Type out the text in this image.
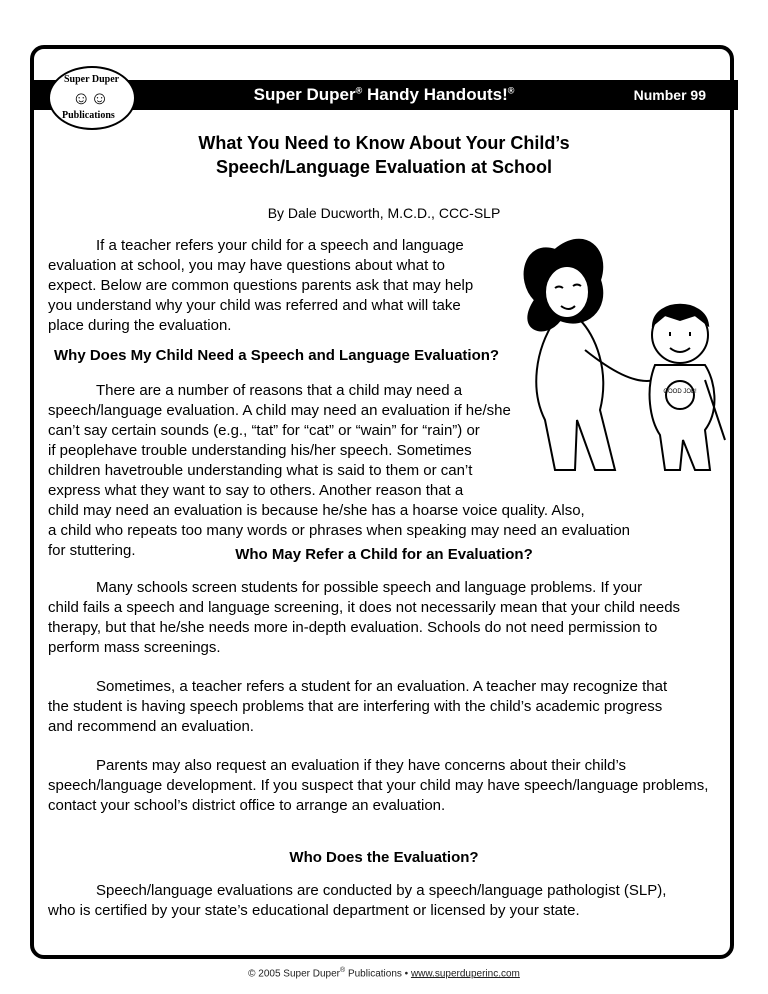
Super Duper® Handy Handouts!®	Number 99
Super Duper
☺☺
Publications
What You Need to Know About Your Child’s
Speech/Language Evaluation at School
By Dale Ducworth, M.C.D., CCC-SLP
If a teacher refers your child for a speech and language
evaluation at school, you may have questions about what to
expect. Below are common questions parents ask that may help
you understand why your child was referred and what will take
place during the evaluation.
Why Does My Child Need a Speech and Language Evaluation?
There are a number of reasons that a child may need a
speech/language evaluation. A child may need an evaluation if he/she
can’t say certain sounds (e.g., “tat” for “cat” or “wain” for “rain”) or
if peoplehave trouble understanding his/her speech. Sometimes
children havetrouble understanding what is said to them or can’t
express what they want to say to others. Another reason that a
child may need an evaluation is because he/she has a hoarse voice quality. Also,
a child who repeats too many words or phrases when speaking may need an evaluation
for stuttering.	Who May Refer a Child for an Evaluation?
Many schools screen students for possible speech and language problems. If your
child fails a speech and language screening, it does not necessarily mean that your child needs
therapy, but that he/she needs more in-depth evaluation. Schools do not need permission to
perform mass screenings.
Sometimes, a teacher refers a student for an evaluation. A teacher may recognize that
the student is having speech problems that are interfering with the child’s academic progress
and recommend an evaluation.
Parents may also request an evaluation if they have concerns about their child’s
speech/language development. If you suspect that your child may have speech/language problems,
contact your school’s district office to arrange an evaluation.
Who Does the Evaluation?
Speech/language evaluations are conducted by a speech/language pathologist (SLP),
who is certified by your state’s educational department or licensed by your state.
GOOD JOB!
© 2005 Super Duper® Publications • www.superduperinc.com
